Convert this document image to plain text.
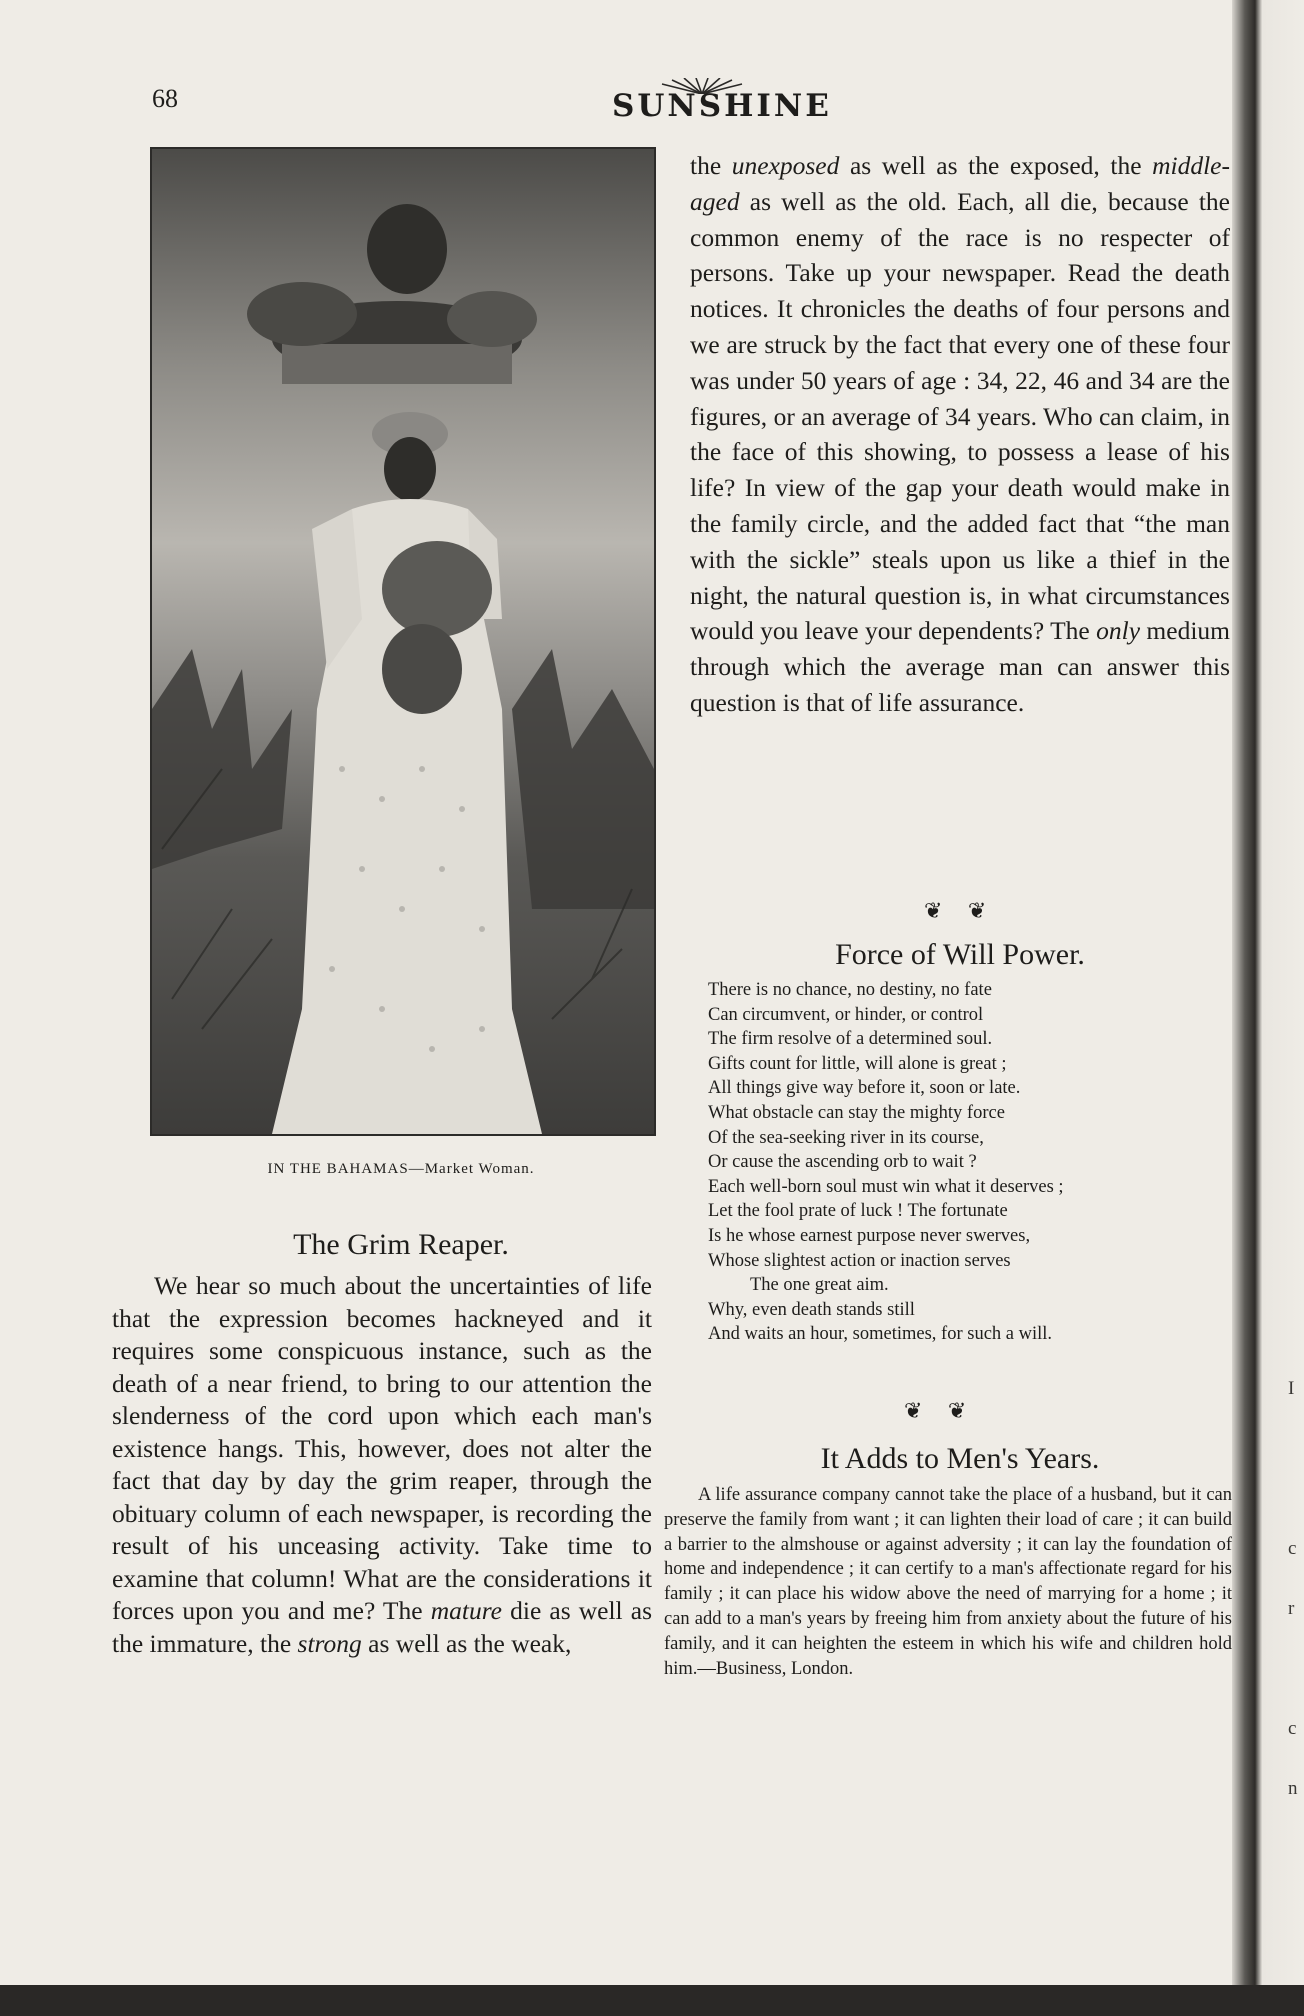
68	SUNSHINE
IN THE BAHAMAS—Market Woman.
The Grim Reaper.
We hear so much about the uncertainties of life that the expression becomes hackneyed and it requires some conspicuous instance, such as the death of a near friend, to bring to our attention the slenderness of the cord upon which each man's existence hangs. This, however, does not alter the fact that day by day the grim reaper, through the obituary column of each newspaper, is recording the result of his unceasing activity. Take time to examine that column! What are the considerations it forces upon you and me? The mature die as well as the immature, the strong as well as the weak,
the unexposed as well as the exposed, the middle-aged as well as the old. Each, all die, because the common enemy of the race is no respecter of persons. Take up your newspaper. Read the death notices. It chronicles the deaths of four persons and we are struck by the fact that every one of these four was under 50 years of age : 34, 22, 46 and 34 are the figures, or an average of 34 years. Who can claim, in the face of this showing, to possess a lease of his life? In view of the gap your death would make in the family circle, and the added fact that “the man with the sickle” steals upon us like a thief in the night, the natural question is, in what circumstances would you leave your dependents? The only medium through which the average man can answer this question is that of life assurance.
❦ ❦
Force of Will Power.
There is no chance, no destiny, no fate
Can circumvent, or hinder, or control
The firm resolve of a determined soul.
Gifts count for little, will alone is great ;
All things give way before it, soon or late.
What obstacle can stay the mighty force
Of the sea-seeking river in its course,
Or cause the ascending orb to wait ?
Each well-born soul must win what it deserves ;
Let the fool prate of luck ! The fortunate
Is he whose earnest purpose never swerves,
Whose slightest action or inaction serves
The one great aim.
Why, even death stands still
And waits an hour, sometimes, for such a will.
❦ ❦
It Adds to Men's Years.
A life assurance company cannot take the place of a husband, but it can preserve the family from want ; it can lighten their load of care ; it can build a barrier to the almshouse or against adversity ; it can lay the foundation of home and independence ; it can certify to a man's affectionate regard for his family ; it can place his widow above the need of marrying for a home ; it can add to a man's years by freeing him from anxiety about the future of his family, and it can heighten the esteem in which his wife and children hold him.—Business, London.
I
c
r
c
n
